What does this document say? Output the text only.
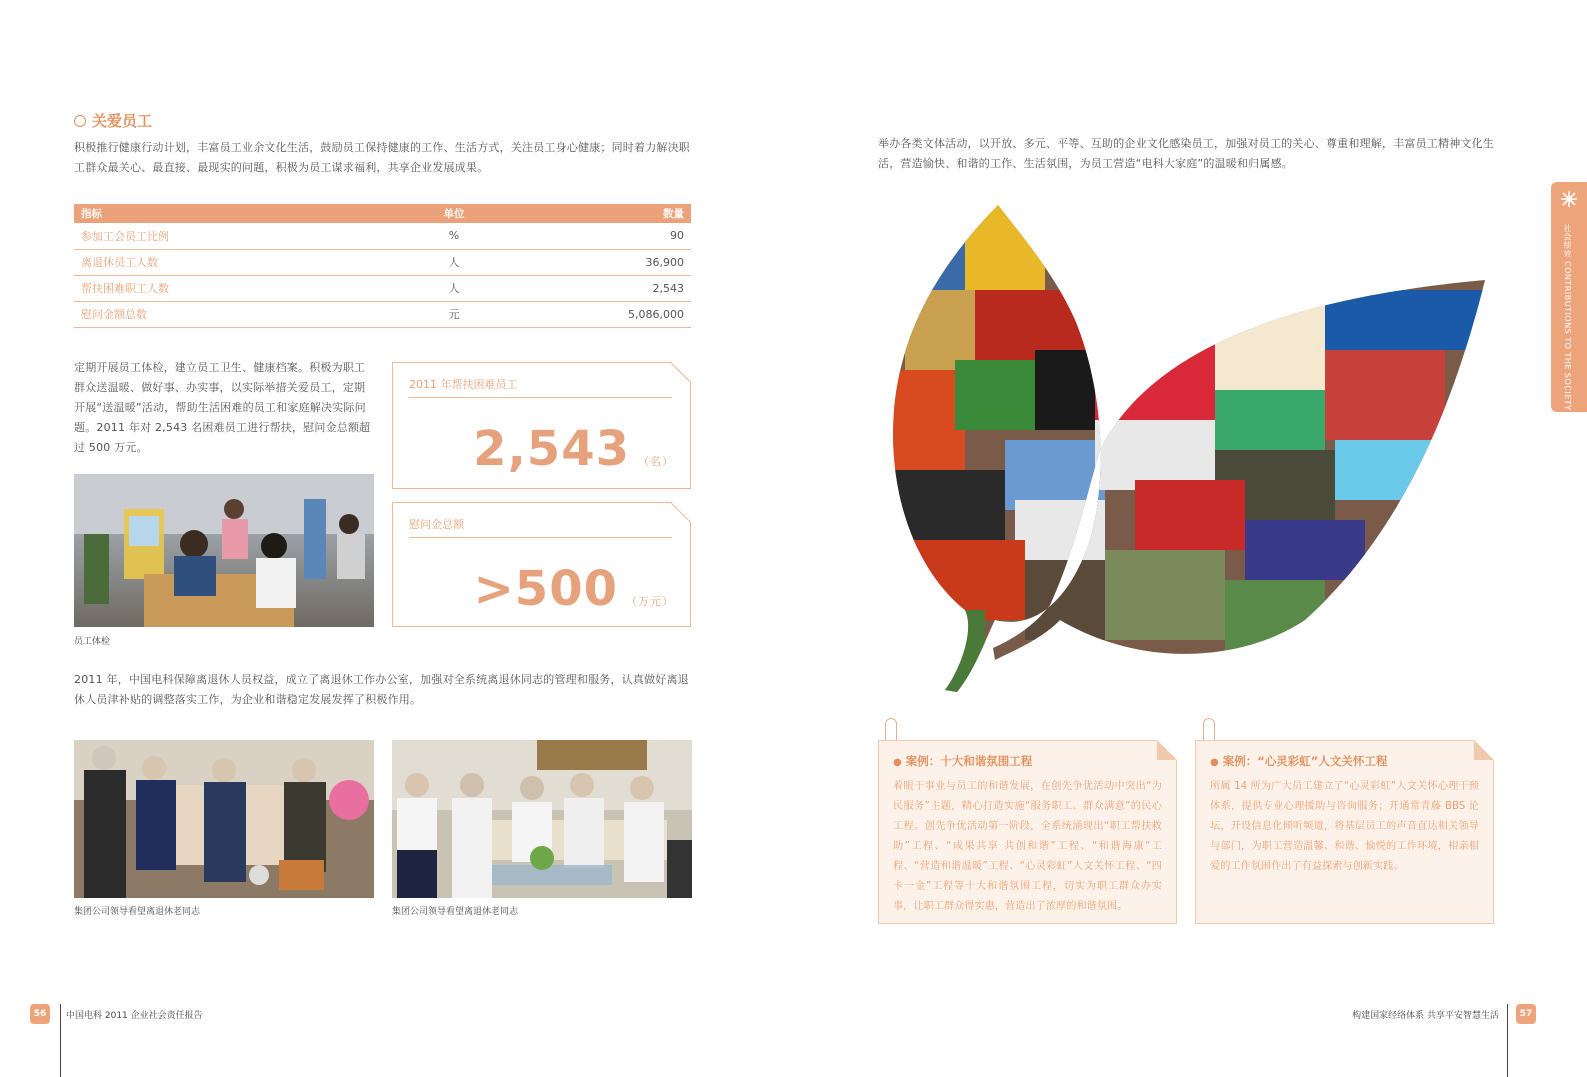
关爱员工

积极推行健康行动计划，丰富员工业余文化生活，鼓励员工保持健康的工作、生活方式，关注员工身心健康；同时着力解决职工群众最关心、最直接、最现实的问题，积极为员工谋求福利，共享企业发展成果。

指标	单位	数量
参加工会员工比例	%	90
离退休员工人数	人	36,900
帮扶困难职工人数	人	2,543
慰问金额总数	元	5,086,000

定期开展员工体检，建立员工卫生、健康档案。积极为职工群众送温暖、做好事、办实事，以实际举措关爱员工，定期开展“送温暖”活动，帮助生活困难的员工和家庭解决实际问题。2011 年对 2,543 名困难员工进行帮扶，慰问金总额超过 500 万元。

2011 年帮扶困难员工
2,543 （名）
慰问金总额
>500 （万元）
员工体检

2011 年，中国电科保障离退休人员权益，成立了离退休工作办公室，加强对全系统离退休同志的管理和服务，认真做好离退休人员津补贴的调整落实工作，为企业和谐稳定发展发挥了积极作用。

集团公司领导看望离退休老同志	集团公司领导看望离退休老同志
56	中国电科 2011 企业社会责任报告

举办各类文体活动，以开放、多元、平等、互助的企业文化感染员工，加强对员工的关心、尊重和理解，丰富员工精神文化生活，营造愉快、和谐的工作、生活氛围，为员工营造“电科大家庭”的温暖和归属感。

● 案例：十大和谐氛围工程
着眼于事业与员工的和谐发展，在创先争优活动中突出“为民服务”主题，精心打造实施“服务职工、群众满意”的民心工程。创先争优活动第一阶段，全系统涌现出“职工帮扶救助”工程、“成果共享 共创和谐”工程、“和谐海康”工程、“营造和谐温暖”工程、“心灵彩虹”人文关怀工程、“四卡一金”工程等十大和谐氛围工程，切实为职工群众办实事，让职工群众得实惠，营造出了浓厚的和谐氛围。
● 案例：“心灵彩虹”人文关怀工程
所属 14 所为广大员工建立了“心灵彩虹”人文关怀心理干预体系，提供专业心理援助与咨询服务；开通常青藤 BBS 论坛，开设信息化倾听频道，将基层员工的声音直达相关领导与部门，为职工营造温馨、和谐、愉悦的工作环境，相亲相爱的工作氛围作出了有益探索与创新实践。
社会绩效 CONTRIBUTIONS TO THE SOCIETY
构建国家经络体系 共享平安智慧生活	57
